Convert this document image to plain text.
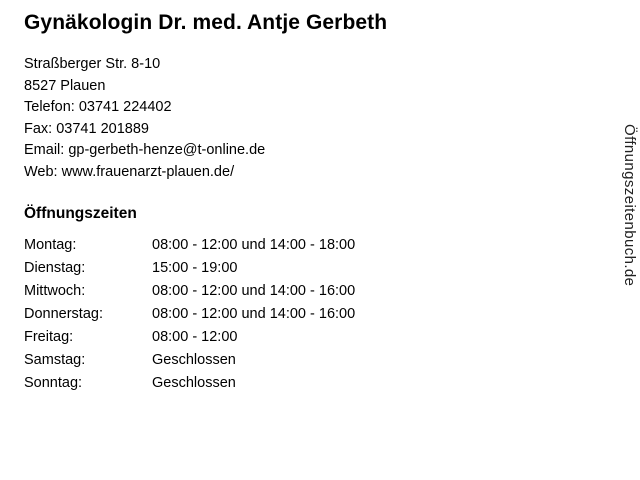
Gynäkologin Dr. med. Antje Gerbeth
Straßberger Str. 8-10
8527 Plauen
Telefon: 03741 224402
Fax: 03741 201889
Email: gp-gerbeth-henze@t-online.de
Web: www.frauenarzt-plauen.de/
Öffnungszeiten
Montag:	08:00 - 12:00 und 14:00 - 18:00
Dienstag:	15:00 - 19:00
Mittwoch:	08:00 - 12:00 und 14:00 - 16:00
Donnerstag:	08:00 - 12:00 und 14:00 - 16:00
Freitag:	08:00 - 12:00
Samstag:	Geschlossen
Sonntag:	Geschlossen
Öffnungszeitenbuch.de
